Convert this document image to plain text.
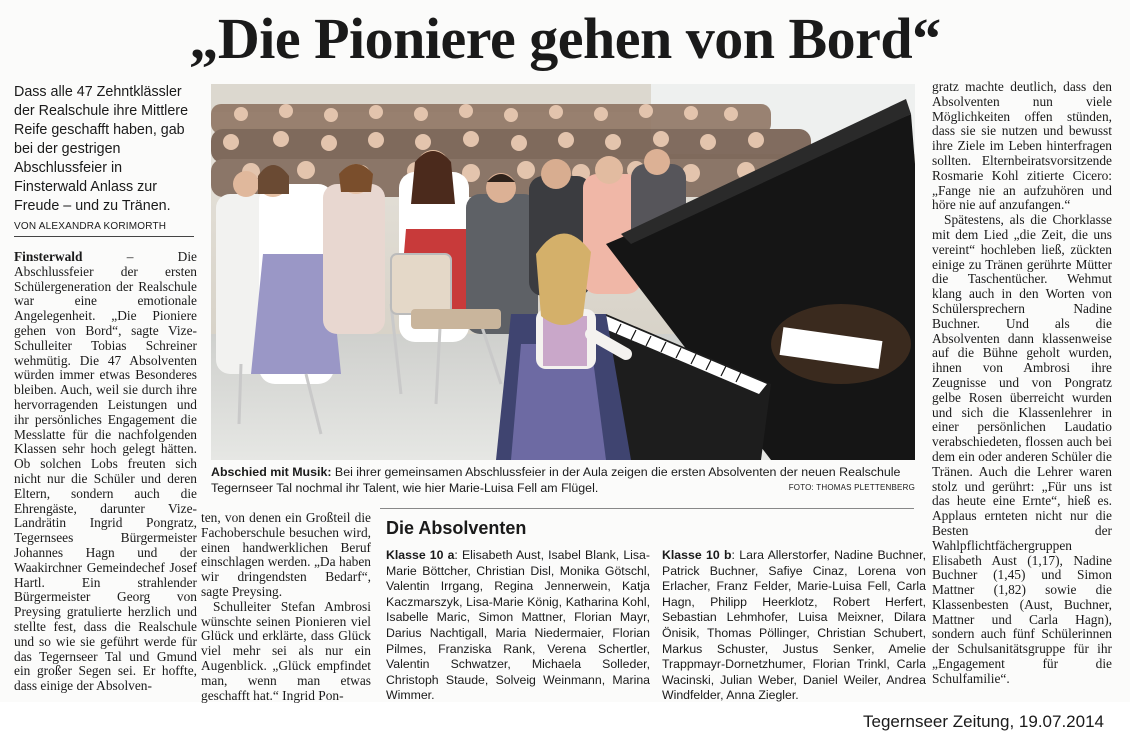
„Die Pioniere gehen von Bord“
Dass alle 47 Zehntklässler der Realschule ihre Mittlere Reife geschafft haben, gab bei der gestrigen Abschlussfeier in Finsterwald Anlass zur Freude – und zu Tränen.
VON ALEXANDRA KORIMORTH

Finsterwald – Die Abschlussfeier der ersten Schülergeneration der Realschule war eine emotionale Angelegenheit. „Die Pioniere gehen von Bord“, sagte Vize-Schulleiter Tobias Schreiner wehmütig. Die 47 Absolventen würden immer etwas Besonderes bleiben. Auch, weil sie durch ihre hervorragenden Leistungen und ihr persönliches Engagement die Messlatte für die nachfolgenden Klassen sehr hoch gelegt hätten. Ob solchen Lobs freuten sich nicht nur die Schüler und deren Eltern, sondern auch die Ehrengäste, darunter Vize-Landrätin Ingrid Pongratz, Tegernsees Bürgermeister Johannes Hagn und der Waakirchner Gemeindechef Josef Hartl. Ein strahlender Bürgermeister Georg von Preysing gratulierte herzlich und stellte fest, dass die Realschule und so wie sie geführt werde für das Tegernseer Tal und Gmund ein großer Segen sei. Er hoffte, dass einige der Absolven-

ten, von denen ein Großteil die Fachoberschule besuchen wird, einen handwerklichen Beruf einschlagen werden. „Da haben wir dringendsten Bedarf“, sagte Preysing.

Schulleiter Stefan Ambrosi wünschte seinen Pionieren viel Glück und erklärte, dass Glück viel mehr sei als nur ein Augenblick. „Glück empfindet man, wenn man etwas geschafft hat.“ Ingrid Pon-

Abschied mit Musik: Bei ihrer gemeinsamen Abschlussfeier in der Aula zeigen die ersten Absolventen der neuen Realschule Tegernseer Tal nochmal ihr Talent, wie hier Marie-Luisa Fell am Flügel.	FOTO: THOMAS PLETTENBERG
Die Absolventen
Klasse 10 a: Elisabeth Aust, Isabel Blank, Lisa-Marie Böttcher, Christian Disl, Monika Götschl, Valentin Irrgang, Regina Jennerwein, Katja Kaczmarszyk, Lisa-Marie König, Katharina Kohl, Isabelle Maric, Simon Mattner, Florian Mayr, Darius Nachtigall, Maria Niedermaier, Florian Pilmes, Franziska Rank, Verena Schertler, Valentin Schwatzer, Michaela Solleder, Christoph Staude, Solveig Weinmann, Marina Wimmer.
Klasse 10 b: Lara Allerstorfer, Nadine Buchner, Patrick Buchner, Safiye Cinaz, Lorena von Erlacher, Franz Felder, Marie-Luisa Fell, Carla Hagn, Philipp Heerklotz, Robert Herfert, Sebastian Lehmhofer, Luisa Meixner, Dilara Önisik, Thomas Pöllinger, Christian Schubert, Markus Schuster, Justus Senker, Amelie Trappmayr-Dornetzhumer, Florian Trinkl, Carla Wacinski, Julian Weber, Daniel Weiler, Andrea Windfelder, Anna Ziegler.

gratz machte deutlich, dass den Absolventen nun viele Möglichkeiten offen stünden, dass sie sie nutzen und bewusst ihre Ziele im Leben hinterfragen sollten. Elternbeiratsvorsitzende Rosmarie Kohl zitierte Cicero: „Fange nie an aufzuhören und höre nie auf anzufangen.“

Spätestens, als die Chorklasse mit dem Lied „die Zeit, die uns vereint“ hochleben ließ, zückten einige zu Tränen gerührte Mütter die Taschentücher. Wehmut klang auch in den Worten von Schülersprechern Nadine Buchner. Und als die Absolventen dann klassenweise auf die Bühne geholt wurden, ihnen von Ambrosi ihre Zeugnisse und von Pongratz gelbe Rosen überreicht wurden und sich die Klassenlehrer in einer persönlichen Laudatio verabschiedeten, flossen auch bei dem ein oder anderen Schüler die Tränen. Auch die Lehrer waren stolz und gerührt: „Für uns ist das heute eine Ernte“, hieß es. Applaus ernteten nicht nur die Besten der Wahlpflichtfächergruppen Elisabeth Aust (1,17), Nadine Buchner (1,45) und Simon Mattner (1,82) sowie die Klassenbesten (Aust, Buchner, Mattner und Carla Hagn), sondern auch fünf Schülerinnen der Schulsanitätsgruppe für ihr „Engagement für die Schulfamilie“.

Tegernseer Zeitung, 19.07.2014
